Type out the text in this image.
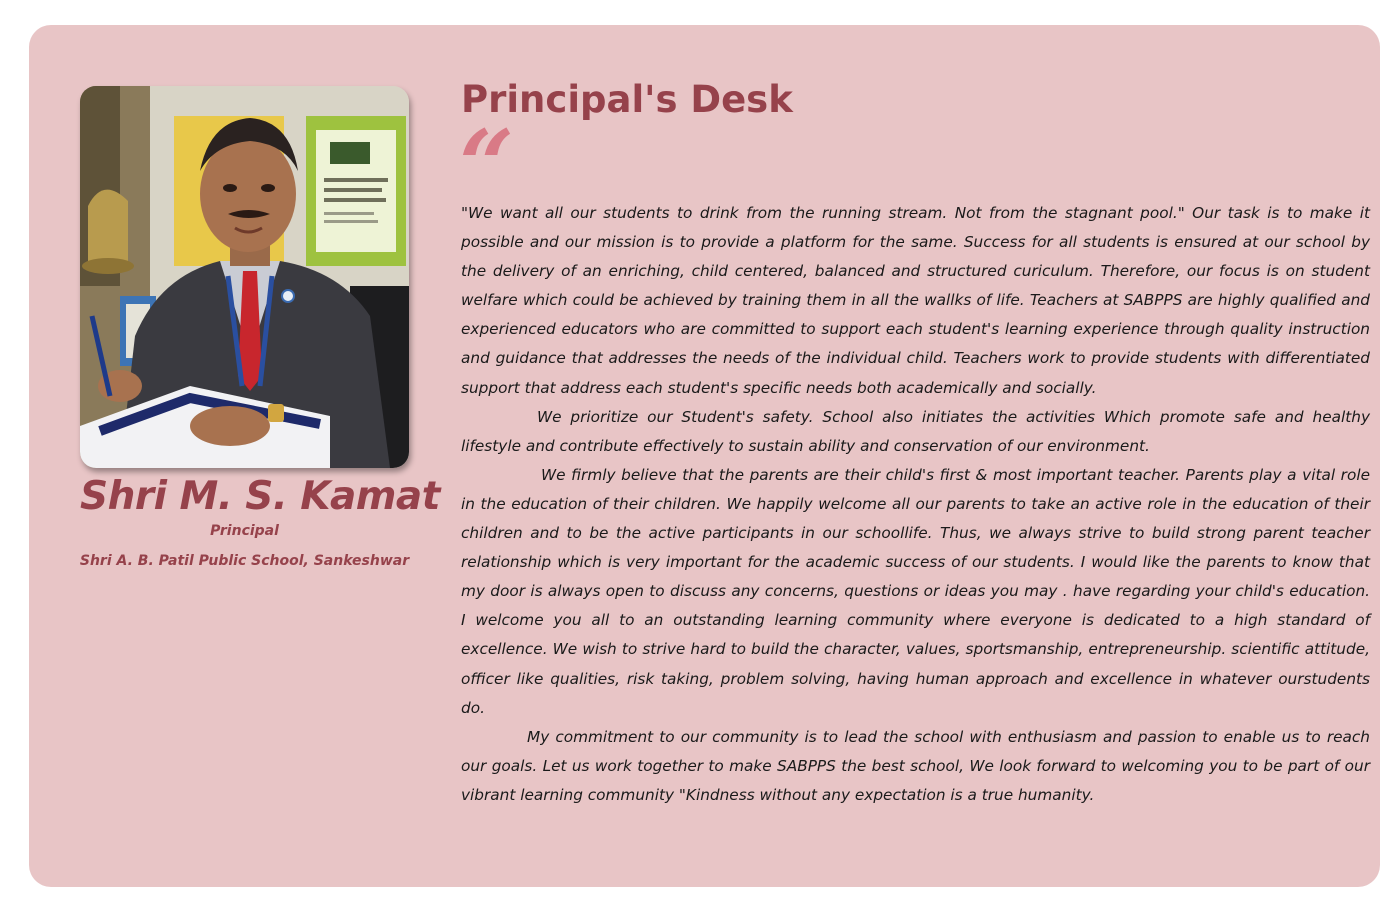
Shri M. S. Kamat
Principal
Shri A. B. Patil Public School, Sankeshwar
Principal's Desk
“

"We want all our students to drink from the running stream. Not from the stagnant pool." Our task is to make it possible and our mission is to provide a platform for the same. Success for all students is ensured at our school by the delivery of an enriching, child centered, balanced and structured curiculum. Therefore, our focus is on student welfare which could be achieved by training them in all the wallks of life. Teachers at SABPPS are highly qualified and experienced educators who are committed to support each student's learning experience through quality instruction and guidance that addresses the needs of the individual child. Teachers work to provide students with differentiated support that address each student's specific needs both academically and socially.

We prioritize our Student's safety. School also initiates the activities Which promote safe and healthy lifestyle and contribute effectively to sustain ability and conservation of our environment.

We firmly believe that the parents are their child's first & most important teacher. Parents play a vital role in the education of their children. We happily welcome all our parents to take an active role in the education of their children and to be the active participants in our schoollife. Thus, we always strive to build strong parent teacher relationship which is very important for the academic success of our students. I would like the parents to know that my door is always open to discuss any concerns, questions or ideas you may . have regarding your child's education. I welcome you all to an outstanding learning community where everyone is dedicated to a high standard of excellence. We wish to strive hard to build the character, values, sportsmanship, entrepreneurship. scientific attitude, officer like qualities, risk taking, problem solving, having human approach and excellence in whatever ourstudents do.

My commitment to our community is to lead the school with enthusiasm and passion to enable us to reach our goals. Let us work together to make SABPPS the best school, We look forward to welcoming you to be part of our vibrant learning community "Kindness without any expectation is a true humanity.
